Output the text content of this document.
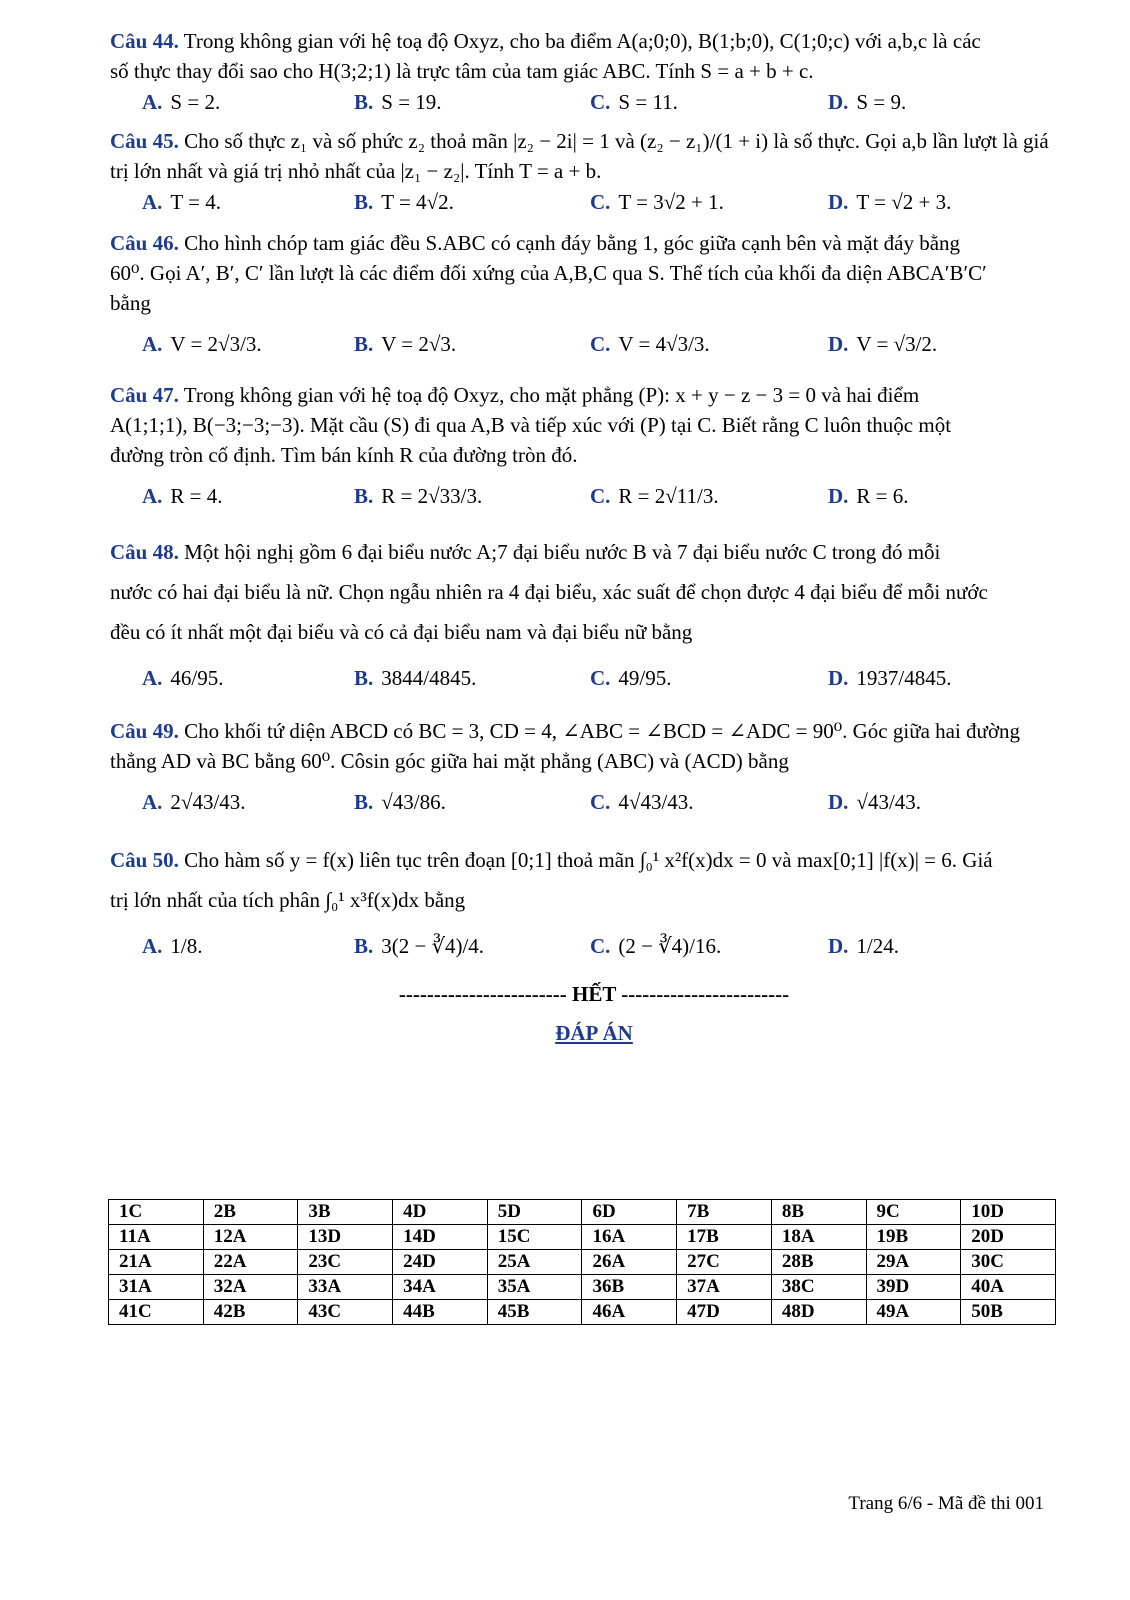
Câu 44. Trong không gian với hệ toạ độ Oxyz, cho ba điểm A(a;0;0), B(1;b;0), C(1;0;c) với a,b,c là các
số thực thay đổi sao cho H(3;2;1) là trực tâm của tam giác ABC. Tính S = a + b + c.
A. S = 2.	B. S = 19.	C. S = 11.	D. S = 9.
Câu 45. Cho số thực z₁ và số phức z₂ thoả mãn |z₂ − 2i| = 1 và (z₂ − z₁)/(1 + i) là số thực. Gọi a,b lần lượt là giá
trị lớn nhất và giá trị nhỏ nhất của |z₁ − z₂|. Tính T = a + b.
A. T = 4.	B. T = 4√2.	C. T = 3√2 + 1.	D. T = √2 + 3.
Câu 46. Cho hình chóp tam giác đều S.ABC có cạnh đáy bằng 1, góc giữa cạnh bên và mặt đáy bằng
60⁰. Gọi A′, B′, C′ lần lượt là các điểm đối xứng của A,B,C qua S. Thể tích của khối đa diện ABCA′B′C′
bằng
A. V = 2√3/3.	B. V = 2√3.	C. V = 4√3/3.	D. V = √3/2.
Câu 47. Trong không gian với hệ toạ độ Oxyz, cho mặt phẳng (P): x + y − z − 3 = 0 và hai điểm
A(1;1;1), B(−3;−3;−3). Mặt cầu (S) đi qua A,B và tiếp xúc với (P) tại C. Biết rằng C luôn thuộc một
đường tròn cố định. Tìm bán kính R của đường tròn đó.
A. R = 4.	B. R = 2√33/3.	C. R = 2√11/3.	D. R = 6.
Câu 48. Một hội nghị gồm 6 đại biểu nước A;7 đại biểu nước B và 7 đại biểu nước C trong đó mỗi
nước có hai đại biểu là nữ. Chọn ngẫu nhiên ra 4 đại biểu, xác suất để chọn được 4 đại biểu để mỗi nước
đều có ít nhất một đại biểu và có cả đại biểu nam và đại biểu nữ bằng
A. 46/95.	B. 3844/4845.	C. 49/95.	D. 1937/4845.
Câu 49. Cho khối tứ diện ABCD có BC = 3, CD = 4, ∠ABC = ∠BCD = ∠ADC = 90⁰. Góc giữa hai đường
thẳng AD và BC bằng 60⁰. Côsin góc giữa hai mặt phẳng (ABC) và (ACD) bằng
A. 2√43/43.	B. √43/86.	C. 4√43/43.	D. √43/43.
Câu 50. Cho hàm số y = f(x) liên tục trên đoạn [0;1] thoả mãn ∫₀¹ x²f(x)dx = 0 và max[0;1] |f(x)| = 6. Giá
trị lớn nhất của tích phân ∫₀¹ x³f(x)dx bằng
A. 1/8.	B. 3(2 − ∛4)/4.	C. (2 − ∛4)/16.	D. 1/24.
------------------------ HẾT ------------------------
ĐÁP ÁN
1C	2B	3B	4D	5D	6D	7B	8B	9C	10D
11A	12A	13D	14D	15C	16A	17B	18A	19B	20D
21A	22A	23C	24D	25A	26A	27C	28B	29A	30C
31A	32A	33A	34A	35A	36B	37A	38C	39D	40A
41C	42B	43C	44B	45B	46A	47D	48D	49A	50B
Trang 6/6 - Mã đề thi 001
